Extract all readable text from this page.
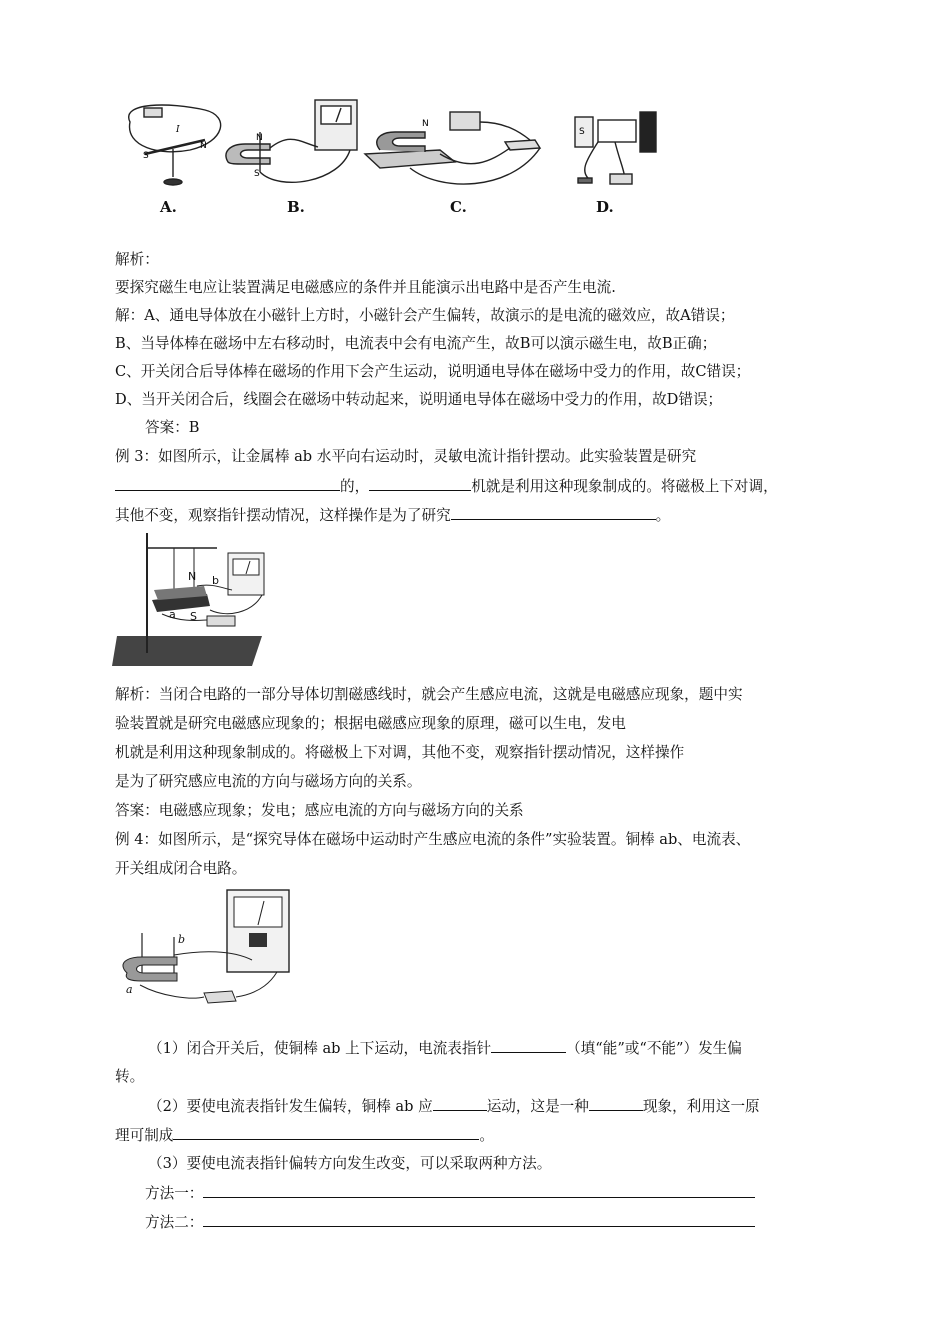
S
N
I
N
S
N
S
A.	B.	C.	D.
解析：
要探究磁生电应让装置满足电磁感应的条件并且能演示出电路中是否产生电流.
解：A、通电导体放在小磁针上方时，小磁针会产生偏转，故演示的是电流的磁效应，故A错误；
B、当导体棒在磁场中左右移动时，电流表中会有电流产生，故B可以演示磁生电，故B正确；
C、开关闭合后导体棒在磁场的作用下会产生运动，说明通电导体在磁场中受力的作用，故C错误；
D、当开关闭合后，线圈会在磁场中转动起来，说明通电导体在磁场中受力的作用，故D错误；
答案：B
例 3：如图所示，让金属棒 ab 水平向右运动时，灵敏电流计指针摆动。此实验装置是研究
的，	机就是利用这种现象制成的。将磁极上下对调，
其他不变，观察指针摆动情况，这样操作是为了研究	。
N
S
a
b
解析：当闭合电路的一部分导体切割磁感线时，就会产生感应电流，这就是电磁感应现象，题中实
验装置就是研究电磁感应现象的；根据电磁感应现象的原理，磁可以生电，发电
机就是利用这种现象制成的。将磁极上下对调，其他不变，观察指针摆动情况，这样操作
是为了研究感应电流的方向与磁场方向的关系。
答案：电磁感应现象；发电；感应电流的方向与磁场方向的关系
例 4：如图所示，是“探究导体在磁场中运动时产生感应电流的条件”实验装置。铜棒 ab、电流表、
开关组成闭合电路。
b
a
（1）闭合开关后，使铜棒 ab 上下运动，电流表指针	（填“能”或“不能”）发生偏
转。
（2）要使电流表指针发生偏转，铜棒 ab 应	运动，这是一种	现象，利用这一原
理可制成	。
（3）要使电流表指针偏转方向发生改变，可以采取两种方法。
方法一：
方法二：
